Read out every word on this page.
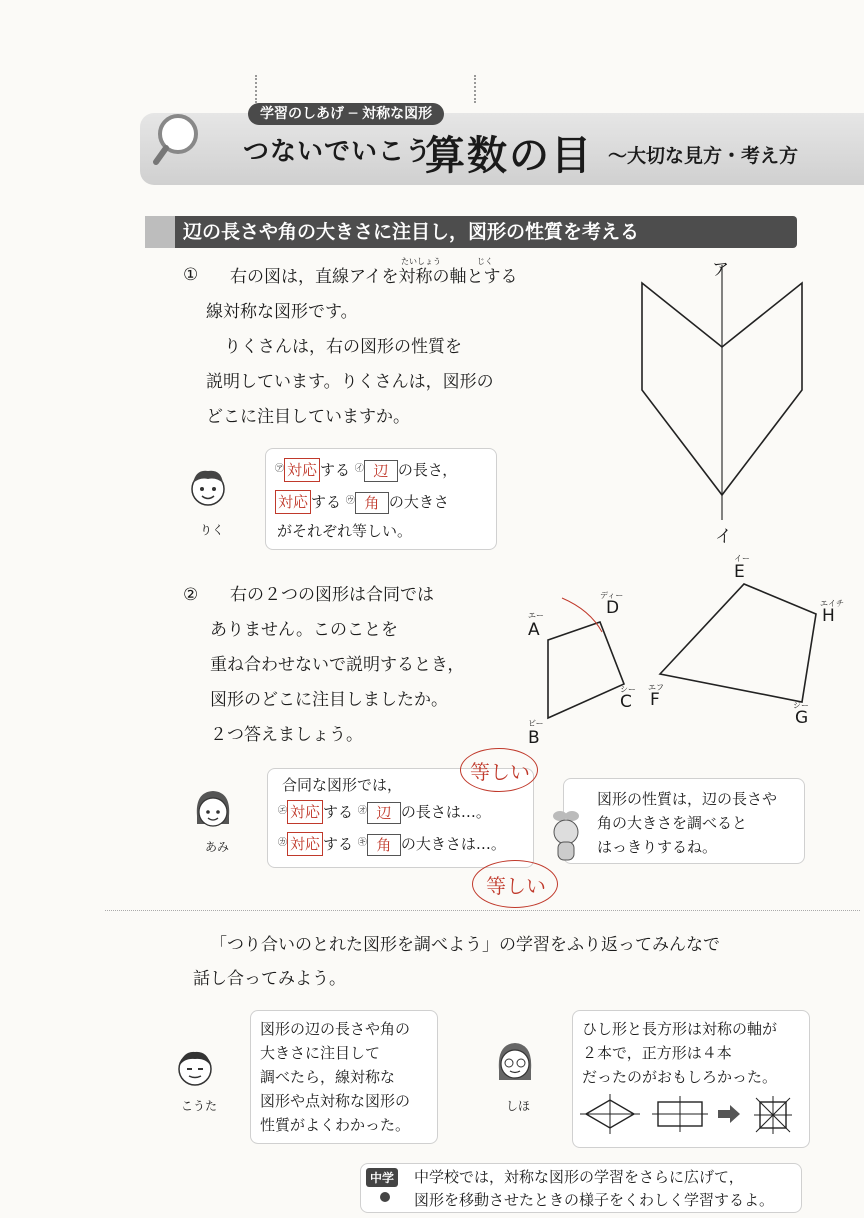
学習のしあげ ─ 対称な図形
つないでいこう
算数の目 〜大切な見方・考え方
辺の長さや角の大きさに注目し，図形の性質を考える
①
たいしょう	じく
右の図は，直線アイを対称の軸とする
線対称な図形です。
りくさんは，右の図形の性質を
説明しています。りくさんは，図形の
どこに注目していますか。
ア
イ
りく
㋐ 対応 する ㋑ 辺 の長さ，
対応 する ㋒ 角 の大きさ
がそれぞれ等しい。
② 右の２つの図形は合同では
ありません。このことを
重ね合わせないで説明するとき，
図形のどこに注目しましたか。
２つ答えましょう。
A
エー
B
ビー
C
シー
D
ディー
E
イー
F
エフ
G
ジー
H
エイチ
あみ
合同な図形では，
㋓ 対応 する ㋔ 辺 の長さは…。
㋕ 対応 する ㋖ 角 の大きさは…。
等しい
等しい
図形の性質は，辺の長さや
角の大きさを調べると
はっきりするね。
「つり合いのとれた図形を調べよう」の学習をふり返ってみんなで
話し合ってみよう。
こうた
図形の辺の長さや角の
大きさに注目して
調べたら，線対称な
図形や点対称な図形の
性質がよくわかった。
しほ
ひし形と長方形は対称の軸が
２本で，正方形は４本
だったのがおもしろかった。
中学 中学校では，対称な図形の学習をさらに広げて，
図形を移動させたときの様子をくわしく学習するよ。
